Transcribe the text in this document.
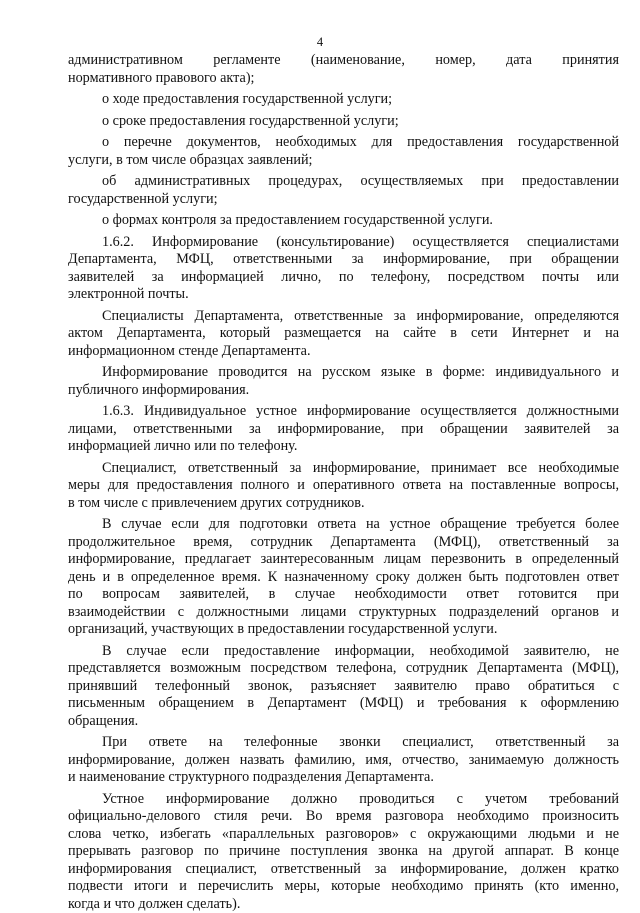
4
административном регламенте (наименование, номер, дата принятия
нормативного правового акта);
о ходе предоставления государственной услуги;
о сроке предоставления государственной услуги;
о перечне документов, необходимых для предоставления государственной
услуги, в том числе образцах заявлений;
об административных процедурах, осуществляемых при предоставлении
государственной услуги;
о формах контроля за предоставлением государственной услуги.
1.6.2. Информирование (консультирование) осуществляется специалистами
Департамента, МФЦ, ответственными за информирование, при обращении
заявителей за информацией лично, по телефону, посредством почты или
электронной почты.
Специалисты Департамента, ответственные за информирование, определяются
актом Департамента, который размещается на сайте в сети Интернет и на
информационном стенде Департамента.
Информирование проводится на русском языке в форме: индивидуального и
публичного информирования.
1.6.3. Индивидуальное устное информирование осуществляется должностными
лицами, ответственными за информирование, при обращении заявителей за
информацией лично или по телефону.
Специалист, ответственный за информирование, принимает все необходимые
меры для предоставления полного и оперативного ответа на поставленные вопросы,
в том числе с привлечением других сотрудников.
В случае если для подготовки ответа на устное обращение требуется более
продолжительное время, сотрудник Департамента (МФЦ), ответственный за
информирование, предлагает заинтересованным лицам перезвонить в определенный
день и в определенное время. К назначенному сроку должен быть подготовлен ответ
по вопросам заявителей, в случае необходимости ответ готовится при
взаимодействии с должностными лицами структурных подразделений органов и
организаций, участвующих в предоставлении государственной услуги.
В случае если предоставление информации, необходимой заявителю, не
представляется возможным посредством телефона, сотрудник Департамента (МФЦ),
принявший телефонный звонок, разъясняет заявителю право обратиться с
письменным обращением в Департамент (МФЦ) и требования к оформлению
обращения.
При ответе на телефонные звонки специалист, ответственный за
информирование, должен назвать фамилию, имя, отчество, занимаемую должность
и наименование структурного подразделения Департамента.
Устное информирование должно проводиться с учетом требований
официально-делового стиля речи. Во время разговора необходимо произносить
слова четко, избегать «параллельных разговоров» с окружающими людьми и не
прерывать разговор по причине поступления звонка на другой аппарат. В конце
информирования специалист, ответственный за информирование, должен кратко
подвести итоги и перечислить меры, которые необходимо принять (кто именно,
когда и что должен сделать).
